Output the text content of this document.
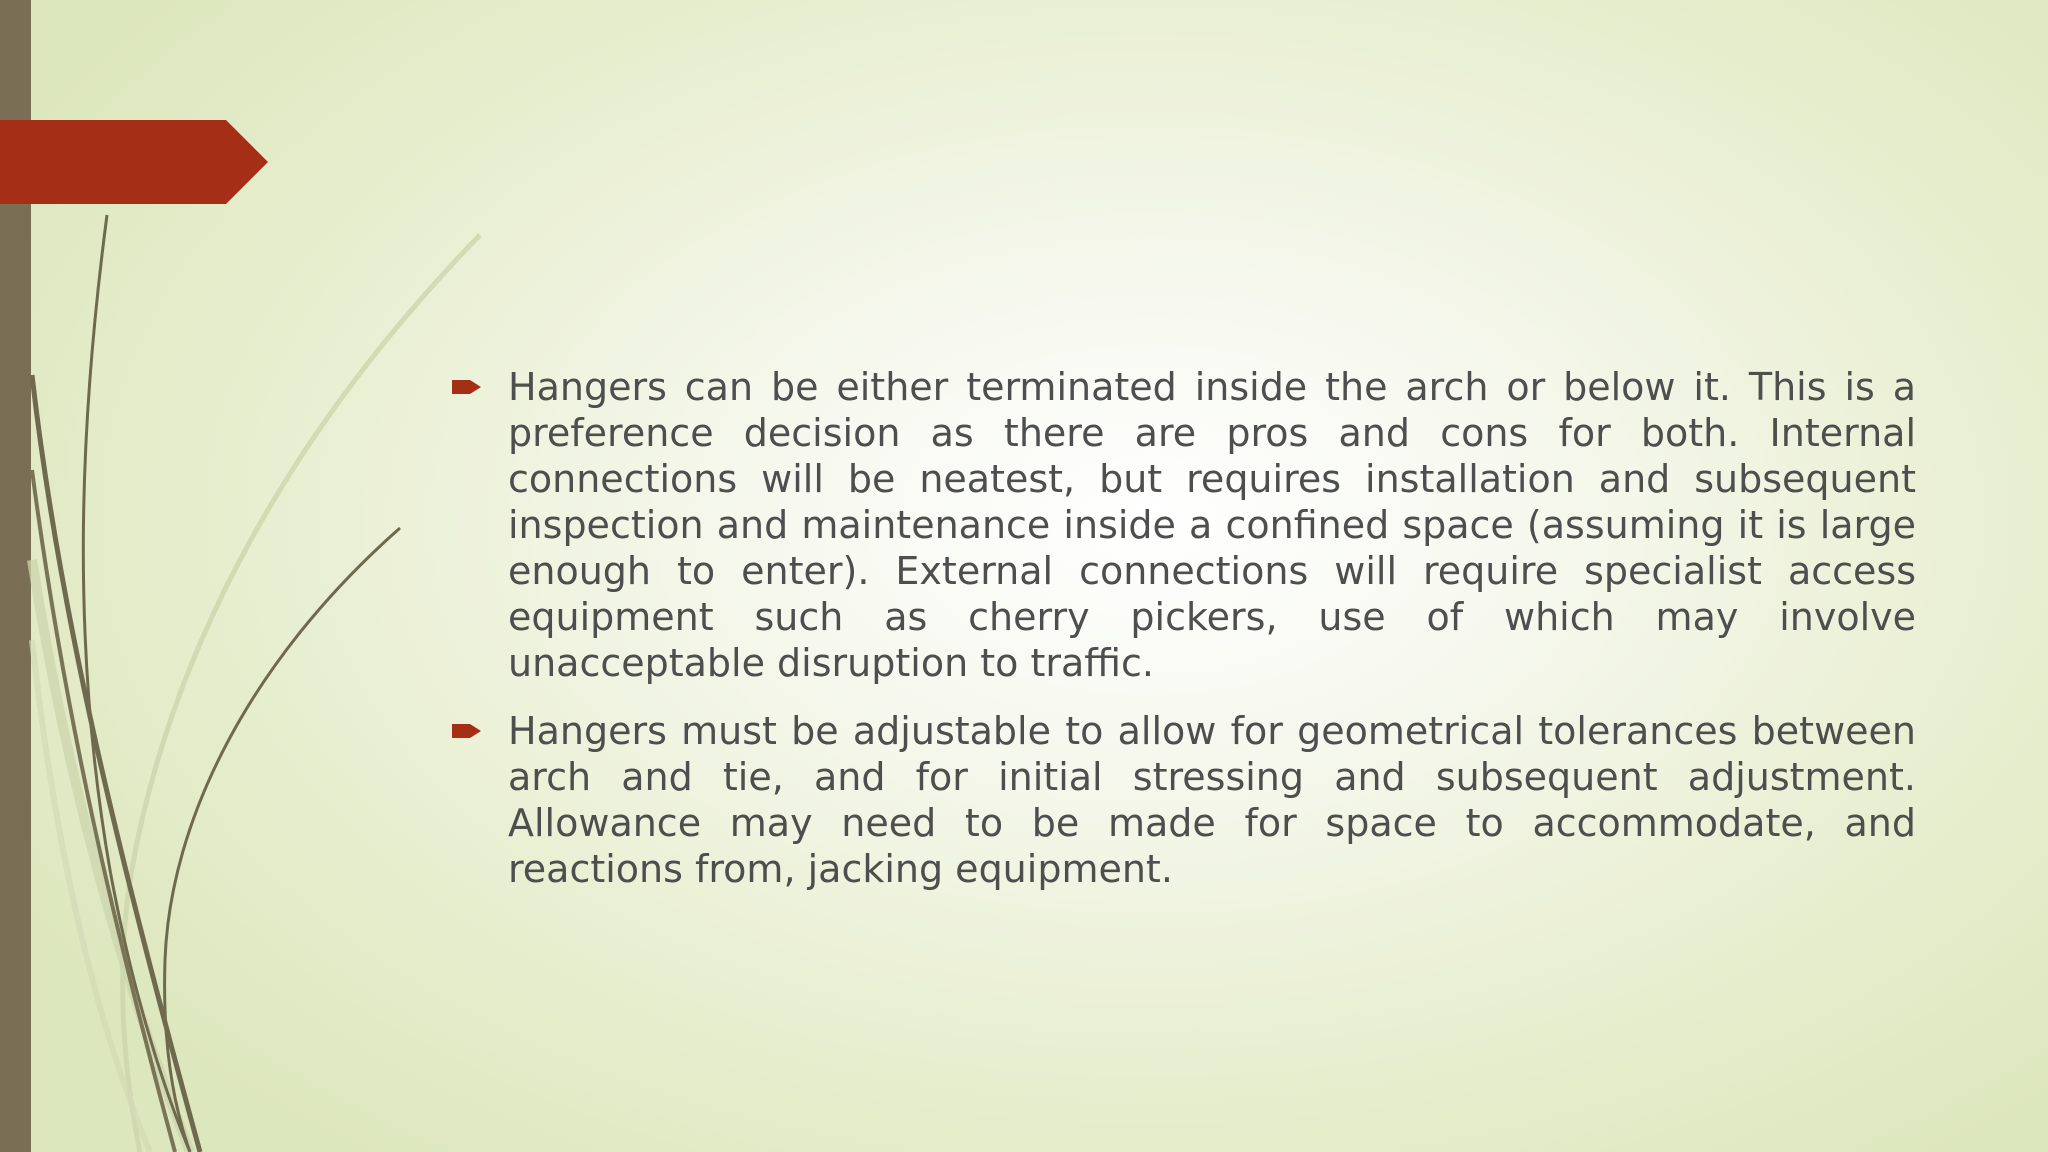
Hangers can be either terminated inside the arch or below it. This is a preference decision as there are pros and cons for both. Internal connections will be neatest, but requires installation and subsequent inspection and maintenance inside a confined space (assuming it is large enough to enter). External connections will require specialist access equipment such as cherry pickers, use of which may involve unacceptable disruption to traffic.

Hangers must be adjustable to allow for geometrical tolerances between arch and tie, and for initial stressing and subsequent adjustment. Allowance may need to be made for space to accommodate, and reactions from, jacking equipment.
